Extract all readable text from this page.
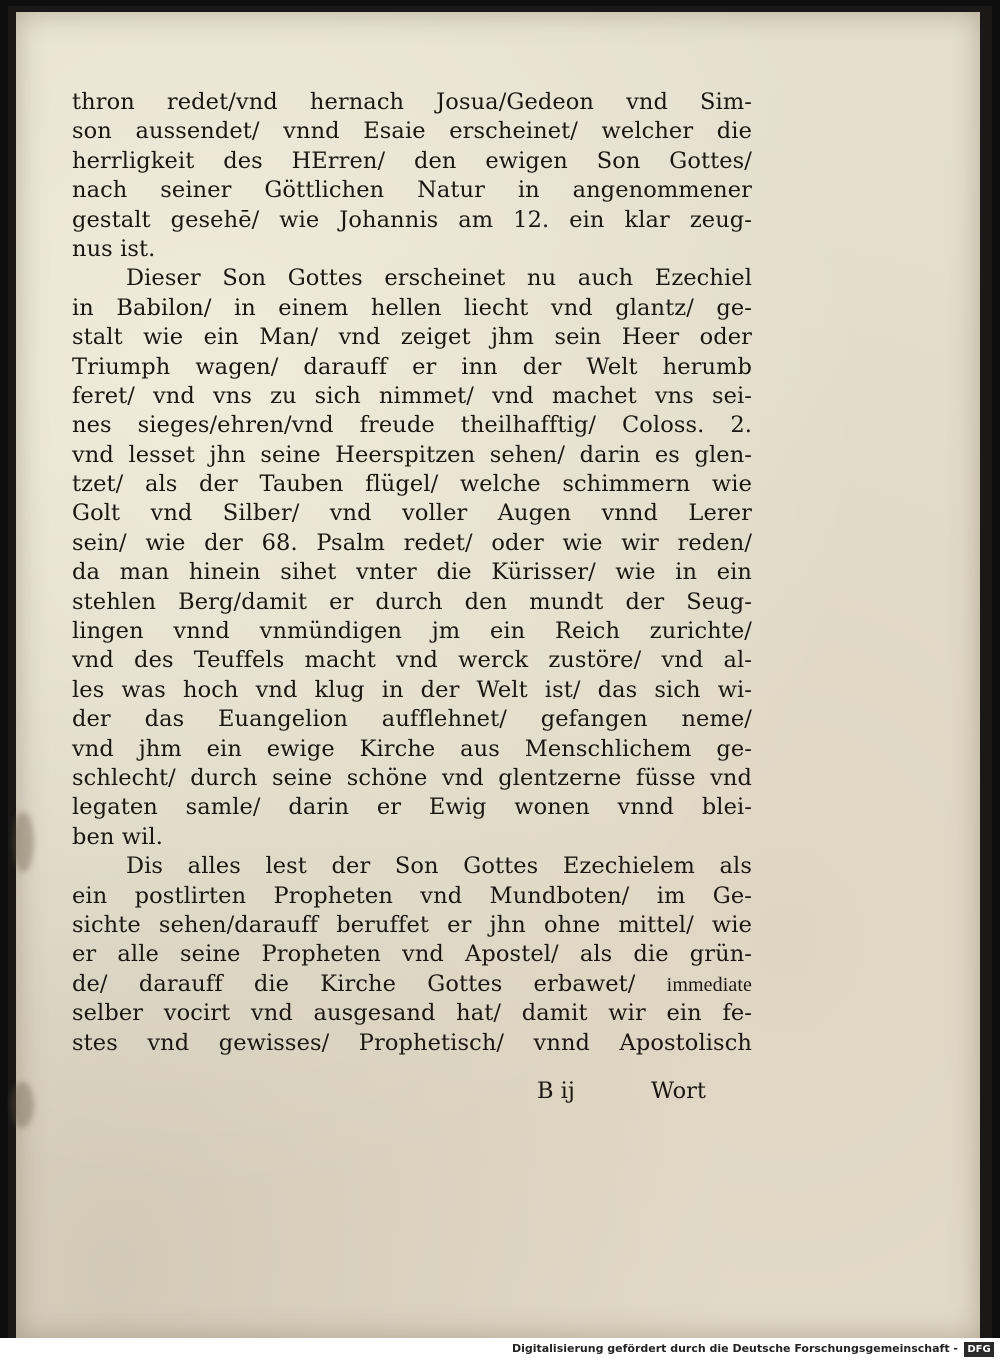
thron redet/vnd hernach Josua/Gedeon vnd Sim-
son aussendet/ vnnd Esaie erscheinet/ welcher die
herrligkeit des HErren/ den ewigen Son Gottes/
nach seiner Göttlichen Natur in angenommener
gestalt gesehē/ wie Johannis am 12. ein klar zeug-
nus ist.
Dieser Son Gottes erscheinet nu auch Ezechiel
in Babilon/ in einem hellen liecht vnd glantz/ ge-
stalt wie ein Man/ vnd zeiget jhm sein Heer oder
Triumph wagen/ darauff er inn der Welt herumb
feret/ vnd vns zu sich nimmet/ vnd machet vns sei-
nes sieges/ehren/vnd freude theilhafftig/ Coloss. 2.
vnd lesset jhn seine Heerspitzen sehen/ darin es glen-
tzet/ als der Tauben flügel/ welche schimmern wie
Golt vnd Silber/ vnd voller Augen vnnd Lerer
sein/ wie der 68. Psalm redet/ oder wie wir reden/
da man hinein sihet vnter die Kürisser/ wie in ein
stehlen Berg/damit er durch den mundt der Seug-
lingen vnnd vnmündigen jm ein Reich zurichte/
vnd des Teuffels macht vnd werck zustöre/ vnd al-
les was hoch vnd klug in der Welt ist/ das sich wi-
der das Euangelion aufflehnet/ gefangen neme/
vnd jhm ein ewige Kirche aus Menschlichem ge-
schlecht/ durch seine schöne vnd glentzerne füsse vnd
legaten samle/ darin er Ewig wonen vnnd blei-
ben wil.
Dis alles lest der Son Gottes Ezechielem als
ein postlirten Propheten vnd Mundboten/ im Ge-
sichte sehen/darauff beruffet er jhn ohne mittel/ wie
er alle seine Propheten vnd Apostel/ als die grün-
de/ darauff die Kirche Gottes erbawet/ immediate
selber vocirt vnd ausgesand hat/ damit wir ein fe-
stes vnd gewisses/ Prophetisch/ vnnd Apostolisch
B ij	Wort
Digitalisierung gefördert durch die Deutsche Forschungsgemeinschaft - DFG
